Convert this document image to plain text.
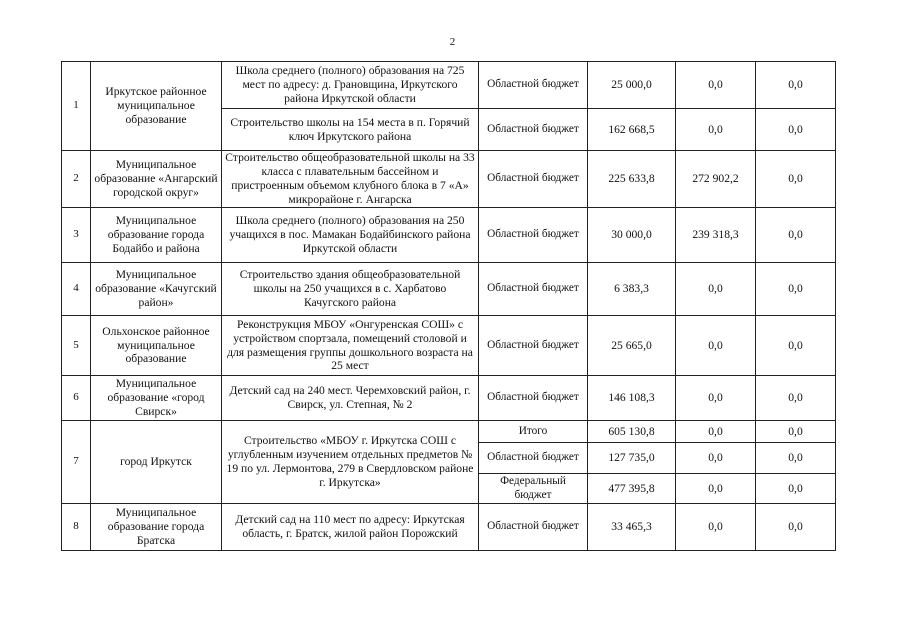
2
1	Иркутское районное муниципальное образование	Школа среднего (полного) образования на 725 мест по адресу: д. Грановщина, Иркутского района Иркутской области	Областной бюджет	25 000,0	0,0	0,0
		Строительство школы на 154 места в п. Горячий ключ Иркутского района	Областной бюджет	162 668,5	0,0	0,0
2	Муниципальное образование «Ангарский городской округ»	Строительство общеобразовательной школы на 33 класса с плавательным бассейном и пристроенным объемом клубного блока в 7 «А» микрорайоне г. Ангарска	Областной бюджет	225 633,8	272 902,2	0,0
3	Муниципальное образование города Бодайбо и района	Школа среднего (полного) образования на 250 учащихся в пос. Мамакан Бодайбинского района Иркутской области	Областной бюджет	30 000,0	239 318,3	0,0
4	Муниципальное образование «Качугский район»	Строительство здания общеобразовательной школы на 250 учащихся в с. Харбатово Качугского района	Областной бюджет	6 383,3	0,0	0,0
5	Ольхонское районное муниципальное образование	Реконструкция МБОУ «Онгуренская СОШ» с устройством спортзала, помещений столовой и для размещения группы дошкольного возраста на 25 мест	Областной бюджет	25 665,0	0,0	0,0
6	Муниципальное образование «город Свирск»	Детский сад на 240 мест. Черемховский район, г. Свирск, ул. Степная, № 2	Областной бюджет	146 108,3	0,0	0,0
7	город Иркутск	Строительство «МБОУ г. Иркутска СОШ с углубленным изучением отдельных предметов № 19 по ул. Лермонтова, 279 в Свердловском районе г. Иркутска»	Итого	605 130,8	0,0	0,0
			Областной бюджет	127 735,0	0,0	0,0
			Федеральный бюджет	477 395,8	0,0	0,0
8	Муниципальное образование города Братска	Детский сад на 110 мест по адресу: Иркутская область, г. Братск, жилой район Порожский	Областной бюджет	33 465,3	0,0	0,0
